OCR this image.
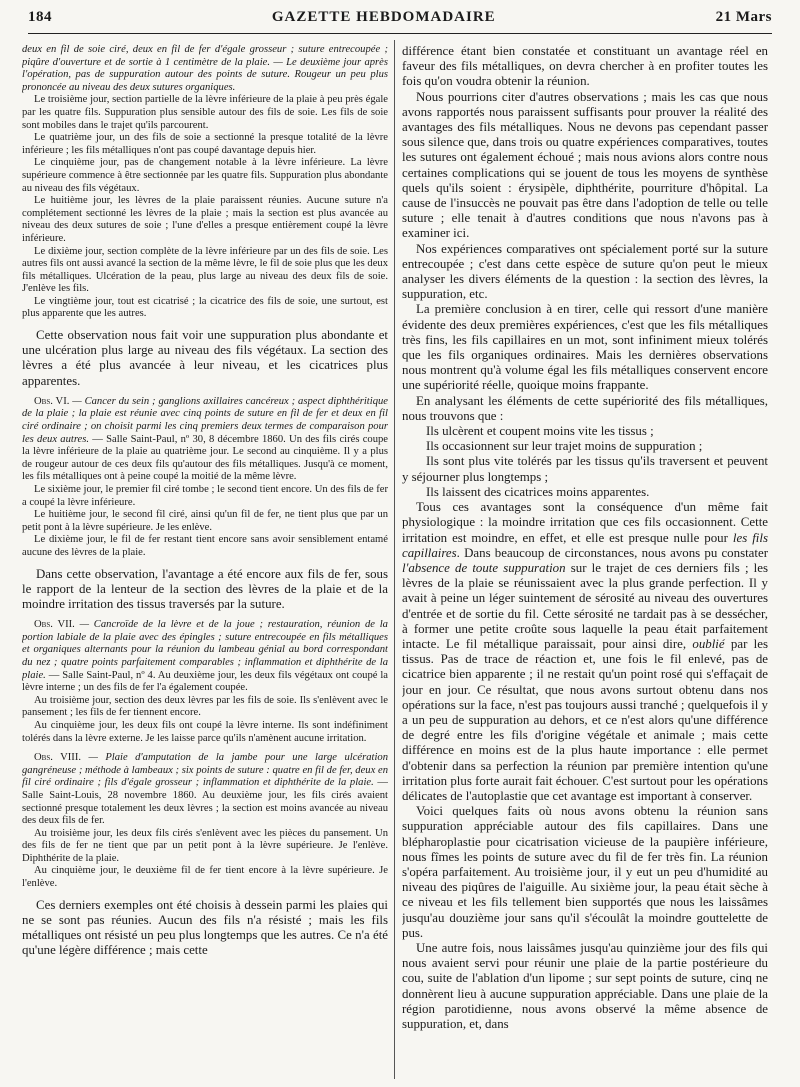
184	GAZETTE HEBDOMADAIRE	21 Mars

deux en fil de soie ciré, deux en fil de fer d'égale grosseur ; suture entrecoupée ; piqûre d'ouverture et de sortie à 1 centimètre de la plaie. — Le deuxième jour après l'opération, pas de suppuration autour des points de suture. Rougeur un peu plus prononcée au niveau des deux sutures organiques.

Le troisième jour, section partielle de la lèvre inférieure de la plaie à peu près égale par les quatre fils. Suppuration plus sensible autour des fils de soie. Les fils de soie sont mobiles dans le trajet qu'ils parcourent.

Le quatrième jour, un des fils de soie a sectionné la presque totalité de la lèvre inférieure ; les fils métalliques n'ont pas coupé davantage depuis hier.

Le cinquième jour, pas de changement notable à la lèvre inférieure. La lèvre supérieure commence à être sectionnée par les quatre fils. Suppuration plus abondante au niveau des fils végétaux.

Le huitième jour, les lèvres de la plaie paraissent réunies. Aucune suture n'a complétement sectionné les lèvres de la plaie ; mais la section est plus avancée au niveau des deux sutures de soie ; l'une d'elles a presque entièrement coupé la lèvre inférieure.

Le dixième jour, section complète de la lèvre inférieure par un des fils de soie. Les autres fils ont aussi avancé la section de la même lèvre, le fil de soie plus que les deux fils métalliques. Ulcération de la peau, plus large au niveau des deux fils de soie. J'enlève les fils.

Le vingtième jour, tout est cicatrisé ; la cicatrice des fils de soie, une surtout, est plus apparente que les autres.

Cette observation nous fait voir une suppuration plus abondante et une ulcération plus large au niveau des fils végétaux. La section des lèvres a été plus avancée à leur niveau, et les cicatrices plus apparentes.

Obs. VI. — Cancer du sein ; ganglions axillaires cancéreux ; aspect diphthéritique de la plaie ; la plaie est réunie avec cinq points de suture en fil de fer et deux en fil ciré ordinaire ; on choisit parmi les cinq premiers deux termes de comparaison pour les deux autres. — Salle Saint-Paul, nº 30, 8 décembre 1860. Un des fils cirés coupe la lèvre inférieure de la plaie au quatrième jour. Le second au cinquième. Il y a plus de rougeur autour de ces deux fils qu'autour des fils métalliques. Jusqu'à ce moment, les fils métalliques ont à peine coupé la moitié de la même lèvre.

Le sixième jour, le premier fil ciré tombe ; le second tient encore. Un des fils de fer a coupé la lèvre inférieure.

Le huitième jour, le second fil ciré, ainsi qu'un fil de fer, ne tient plus que par un petit pont à la lèvre supérieure. Je les enlève.

Le dixième jour, le fil de fer restant tient encore sans avoir sensiblement entamé aucune des lèvres de la plaie.

Dans cette observation, l'avantage a été encore aux fils de fer, sous le rapport de la lenteur de la section des lèvres de la plaie et de la moindre irritation des tissus traversés par la suture.

Obs. VII. — Cancroïde de la lèvre et de la joue ; restauration, réunion de la portion labiale de la plaie avec des épingles ; suture entrecoupée en fils métalliques et organiques alternants pour la réunion du lambeau génial au bord correspondant du nez ; quatre points parfaitement comparables ; inflammation et diphthérite de la plaie. — Salle Saint-Paul, nº 4. Au deuxième jour, les deux fils végétaux ont coupé la lèvre interne ; un des fils de fer l'a également coupée.

Au troisième jour, section des deux lèvres par les fils de soie. Ils s'enlèvent avec le pansement ; les fils de fer tiennent encore.

Au cinquième jour, les deux fils ont coupé la lèvre interne. Ils sont indéfiniment tolérés dans la lèvre externe. Je les laisse parce qu'ils n'amènent aucune irritation.

Obs. VIII. — Plaie d'amputation de la jambe pour une large ulcération gangréneuse ; méthode à lambeaux ; six points de suture : quatre en fil de fer, deux en fil ciré ordinaire ; fils d'égale grosseur ; inflammation et diphthérite de la plaie. — Salle Saint-Louis, 28 novembre 1860. Au deuxième jour, les fils cirés avaient sectionné presque totalement les deux lèvres ; la section est moins avancée au niveau des deux fils de fer.

Au troisième jour, les deux fils cirés s'enlèvent avec les pièces du pansement. Un des fils de fer ne tient que par un petit pont à la lèvre supérieure. Je l'enlève. Diphthérite de la plaie.

Au cinquième jour, le deuxième fil de fer tient encore à la lèvre supérieure. Je l'enlève.

Ces derniers exemples ont été choisis à dessein parmi les plaies qui ne se sont pas réunies. Aucun des fils n'a résisté ; mais les fils métalliques ont résisté un peu plus longtemps que les autres. Ce n'a été qu'une légère différence ; mais cette

différence étant bien constatée et constituant un avantage réel en faveur des fils métalliques, on devra chercher à en profiter toutes les fois qu'on voudra obtenir la réunion.

Nous pourrions citer d'autres observations ; mais les cas que nous avons rapportés nous paraissent suffisants pour prouver la réalité des avantages des fils métalliques. Nous ne devons pas cependant passer sous silence que, dans trois ou quatre expériences comparatives, toutes les sutures ont également échoué ; mais nous avions alors contre nous certaines complications qui se jouent de tous les moyens de synthèse quels qu'ils soient : érysipèle, diphthérite, pourriture d'hôpital. La cause de l'insuccès ne pouvait pas être dans l'adoption de telle ou telle suture ; elle tenait à d'autres conditions que nous n'avons pas à examiner ici.

Nos expériences comparatives ont spécialement porté sur la suture entrecoupée ; c'est dans cette espèce de suture qu'on peut le mieux analyser les divers éléments de la question : la section des lèvres, la suppuration, etc.

La première conclusion à en tirer, celle qui ressort d'une manière évidente des deux premières expériences, c'est que les fils métalliques très fins, les fils capillaires en un mot, sont infiniment mieux tolérés que les fils organiques ordinaires. Mais les dernières observations nous montrent qu'à volume égal les fils métalliques conservent encore une supériorité réelle, quoique moins frappante.

En analysant les éléments de cette supériorité des fils métalliques, nous trouvons que :

Ils ulcèrent et coupent moins vite les tissus ;

Ils occasionnent sur leur trajet moins de suppuration ;

Ils sont plus vite tolérés par les tissus qu'ils traversent et peuvent y séjourner plus longtemps ;

Ils laissent des cicatrices moins apparentes.

Tous ces avantages sont la conséquence d'un même fait physiologique : la moindre irritation que ces fils occasionnent. Cette irritation est moindre, en effet, et elle est presque nulle pour les fils capillaires. Dans beaucoup de circonstances, nous avons pu constater l'absence de toute suppuration sur le trajet de ces derniers fils ; les lèvres de la plaie se réunissaient avec la plus grande perfection. Il y avait à peine un léger suintement de sérosité au niveau des ouvertures d'entrée et de sortie du fil. Cette sérosité ne tardait pas à se dessécher, à former une petite croûte sous laquelle la peau était parfaitement intacte. Le fil métallique paraissait, pour ainsi dire, oublié par les tissus. Pas de trace de réaction et, une fois le fil enlevé, pas de cicatrice bien apparente ; il ne restait qu'un point rosé qui s'effaçait de jour en jour. Ce résultat, que nous avons surtout obtenu dans nos opérations sur la face, n'est pas toujours aussi tranché ; quelquefois il y a un peu de suppuration au dehors, et ce n'est alors qu'une différence de degré entre les fils d'origine végétale et animale ; mais cette différence en moins est de la plus haute importance : elle permet d'obtenir dans sa perfection la réunion par première intention qu'une irritation plus forte aurait fait échouer. C'est surtout pour les opérations délicates de l'autoplastie que cet avantage est important à conserver.

Voici quelques faits où nous avons obtenu la réunion sans suppuration appréciable autour des fils capillaires. Dans une blépharoplastie pour cicatrisation vicieuse de la paupière inférieure, nous fîmes les points de suture avec du fil de fer très fin. La réunion s'opéra parfaitement. Au troisième jour, il y eut un peu d'humidité au niveau des piqûres de l'aiguille. Au sixième jour, la peau était sèche à ce niveau et les fils tellement bien supportés que nous les laissâmes jusqu'au douzième jour sans qu'il s'écoulât la moindre gouttelette de pus.

Une autre fois, nous laissâmes jusqu'au quinzième jour des fils qui nous avaient servi pour réunir une plaie de la partie postérieure du cou, suite de l'ablation d'un lipome ; sur sept points de suture, cinq ne donnèrent lieu à aucune suppuration appréciable. Dans une plaie de la région parotidienne, nous avons observé la même absence de suppuration, et, dans
